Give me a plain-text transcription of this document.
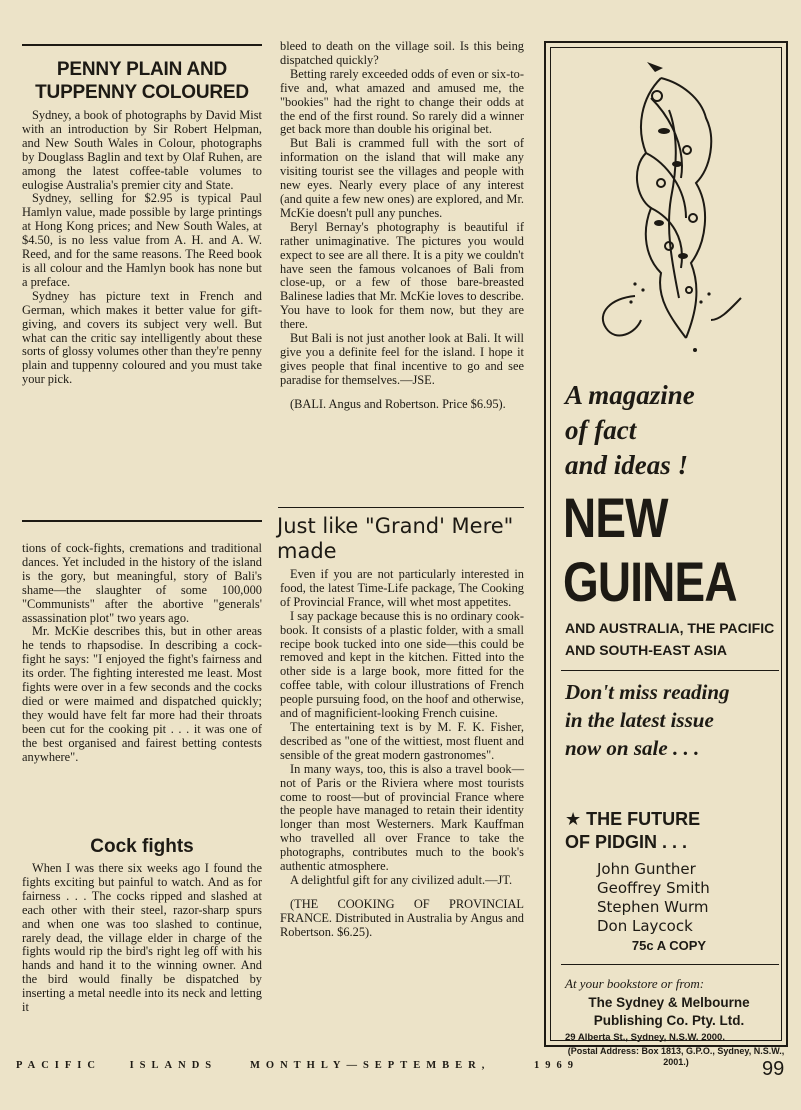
PENNY PLAIN AND TUPPENNY COLOURED

Sydney, a book of photographs by David Mist with an introduction by Sir Robert Helpman, and New South Wales in Colour, photographs by Douglass Baglin and text by Olaf Ruhen, are among the latest coffee-table volumes to eulogise Australia's premier city and State.

Sydney, selling for $2.95 is typical Paul Hamlyn value, made possible by large printings at Hong Kong prices; and New South Wales, at $4.50, is no less value from A. H. and A. W. Reed, and for the same reasons. The Reed book is all colour and the Hamlyn book has none but a preface.

Sydney has picture text in French and German, which makes it better value for gift-giving, and covers its subject very well. But what can the critic say intelligently about these sorts of glossy volumes other than they're penny plain and tuppenny coloured and you must take your pick.

tions of cock-fights, cremations and traditional dances. Yet included in the history of the island is the gory, but meaningful, story of Bali's shame—the slaughter of some 100,000 "Communists" after the abortive "generals' assassination plot" two years ago.

Mr. McKie describes this, but in other areas he tends to rhapsodise. In describing a cock-fight he says: "I enjoyed the fight's fairness and its order. The fighting interested me least. Most fights were over in a few seconds and the cocks died or were maimed and dispatched quickly; they would have felt far more had their throats been cut for the cooking pit . . . it was one of the best organised and fairest betting contests anywhere".

Cock fights

When I was there six weeks ago I found the fights exciting but painful to watch. And as for fairness . . . The cocks ripped and slashed at each other with their steel, razor-sharp spurs and when one was too slashed to continue, rarely dead, the village elder in charge of the fights would rip the bird's right leg off with his hands and hand it to the winning owner. And the bird would finally be dispatched by inserting a metal needle into its neck and letting it

bleed to death on the village soil. Is this being dispatched quickly?

Betting rarely exceeded odds of even or six-to-five and, what amazed and amused me, the "bookies" had the right to change their odds at the end of the first round. So rarely did a winner get back more than double his original bet.

But Bali is crammed full with the sort of information on the island that will make any visiting tourist see the villages and people with new eyes. Nearly every place of any interest (and quite a few new ones) are explored, and Mr. McKie doesn't pull any punches.

Beryl Bernay's photography is beautiful if rather unimaginative. The pictures you would expect to see are all there. It is a pity we couldn't have seen the famous volcanoes of Bali from close-up, or a few of those bare-breasted Balinese ladies that Mr. McKie loves to describe. You have to look for them now, but they are there.

But Bali is not just another look at Bali. It will give you a definite feel for the island. I hope it gives people that final incentive to go and see paradise for themselves.—JSE.

(BALI. Angus and Robertson. Price $6.95).

Just like "Grand' Mere" made

Even if you are not particularly interested in food, the latest Time-Life package, The Cooking of Provincial France, will whet most appetites.

I say package because this is no ordinary cook-book. It consists of a plastic folder, with a small recipe book tucked into one side—this could be removed and kept in the kitchen. Fitted into the other side is a large book, more fitted for the coffee table, with colour illustrations of French people pursuing food, on the hoof and otherwise, and of magnificient-looking French cuisine.

The entertaining text is by M. F. K. Fisher, described as "one of the wittiest, most fluent and sensible of the great modern gastronomes".

In many ways, too, this is also a travel book—not of Paris or the Riviera where most tourists come to roost—but of provincial France where the people have managed to retain their identity longer than most Westerners. Mark Kauffman who travelled all over France to take the photographs, contributes much to the book's authentic atmosphere.

A delightful gift for any civilized adult.—JT.

(THE COOKING OF PROVINCIAL FRANCE. Distributed in Australia by Angus and Robertson. $6.25).

A magazine
of fact
and ideas !
NEW
GUINEA
AND AUSTRALIA, THE PACIFIC
AND SOUTH-EAST ASIA
Don't miss reading
in the latest issue
now on sale . . .
★ THE FUTURE
OF PIDGIN . . .
John Gunther
Geoffrey Smith
Stephen Wurm
Don Laycock
75c A COPY
At your bookstore or from:
The Sydney & Melbourne
Publishing Co. Pty. Ltd.
29 Alberta St., Sydney, N.S.W. 2000.
(Postal Address: Box 1813, G.P.O., Sydney, N.S.W., 2001.)
PACIFIC ISLANDS	MONTHLY—SEPTEMBER,	1969	99
